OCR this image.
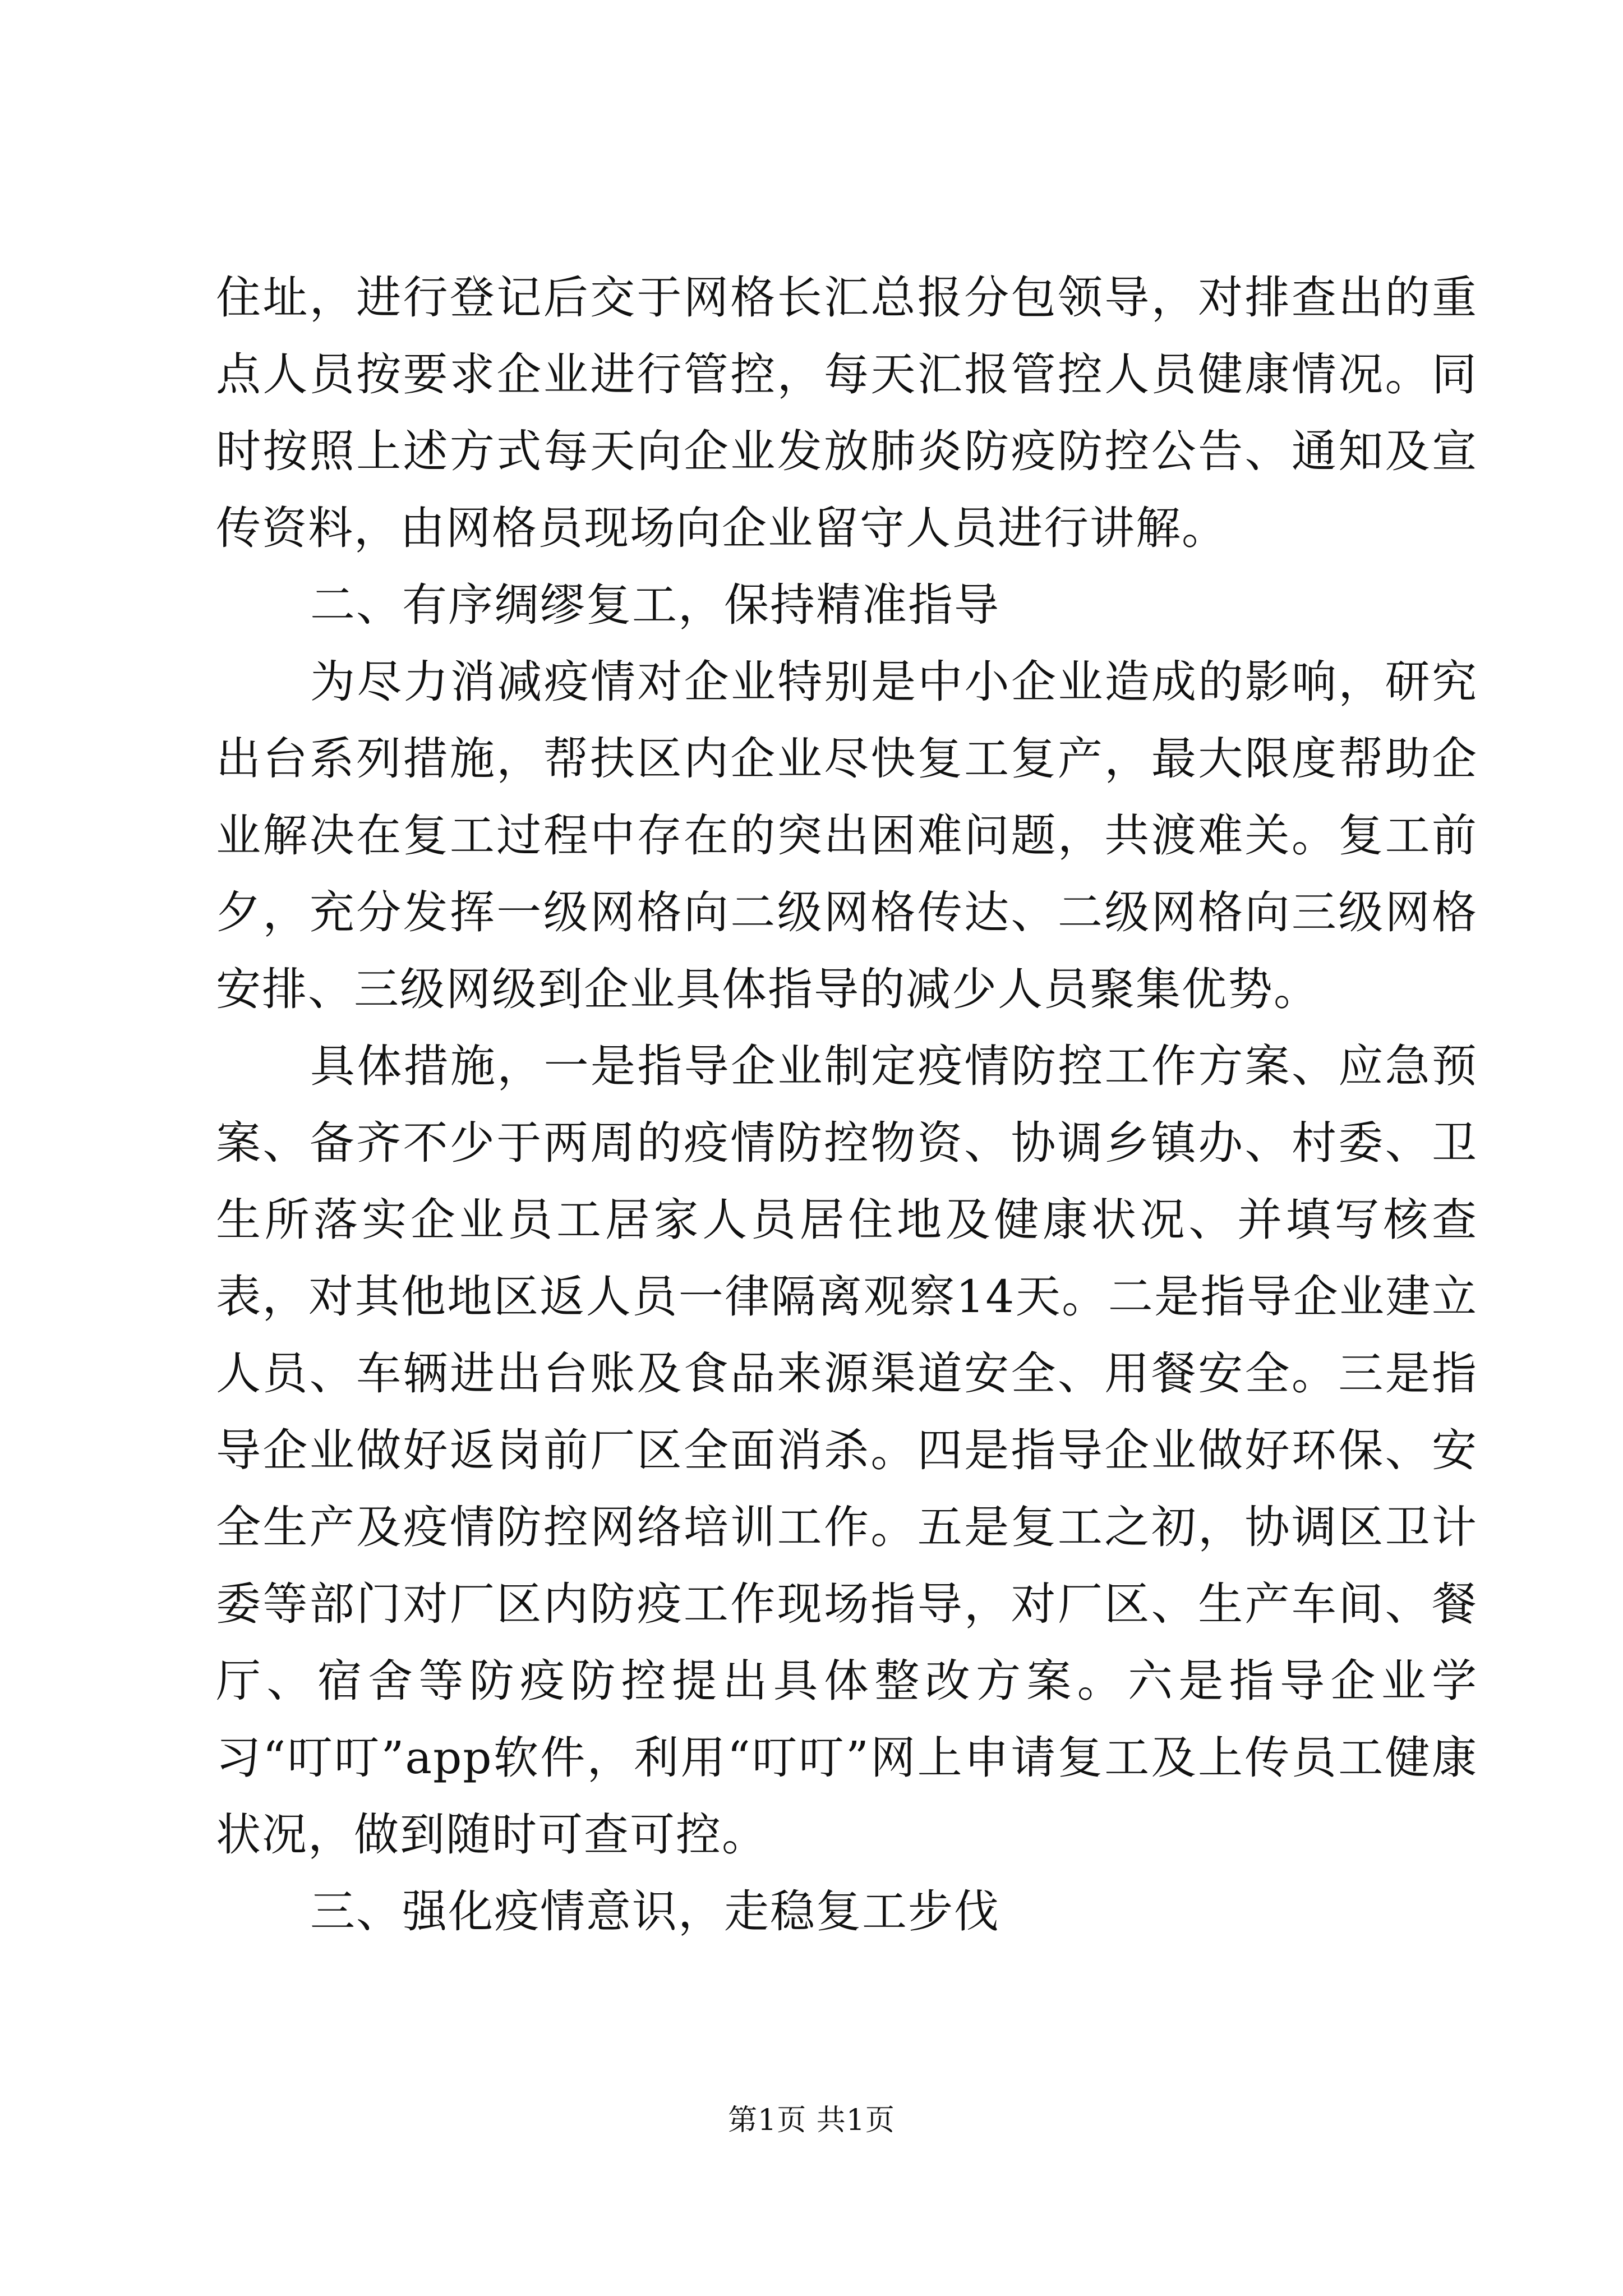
住址，进行登记后交于网格长汇总报分包领导，对排查出的重点人员按要求企业进行管控，每天汇报管控人员健康情况。同时按照上述方式每天向企业发放肺炎防疫防控公告、通知及宣传资料，由网格员现场向企业留守人员进行讲解。

二、有序绸缪复工，保持精准指导

为尽力消减疫情对企业特别是中小企业造成的影响，研究出台系列措施，帮扶区内企业尽快复工复产，最大限度帮助企业解决在复工过程中存在的突出困难问题，共渡难关。复工前夕，充分发挥一级网格向二级网格传达、二级网格向三级网格安排、三级网级到企业具体指导的减少人员聚集优势。

具体措施，一是指导企业制定疫情防控工作方案、应急预案、备齐不少于两周的疫情防控物资、协调乡镇办、村委、卫生所落实企业员工居家人员居住地及健康状况、并填写核查表，对其他地区返人员一律隔离观察14天。二是指导企业建立人员、车辆进出台账及食品来源渠道安全、用餐安全。三是指导企业做好返岗前厂区全面消杀。四是指导企业做好环保、安全生产及疫情防控网络培训工作。五是复工之初，协调区卫计委等部门对厂区内防疫工作现场指导，对厂区、生产车间、餐厅、宿舍等防疫防控提出具体整改方案。六是指导企业学习“叮叮”app软件，利用“叮叮”网上申请复工及上传员工健康状况，做到随时可查可控。

三、强化疫情意识，走稳复工步伐

第1页 共1页
